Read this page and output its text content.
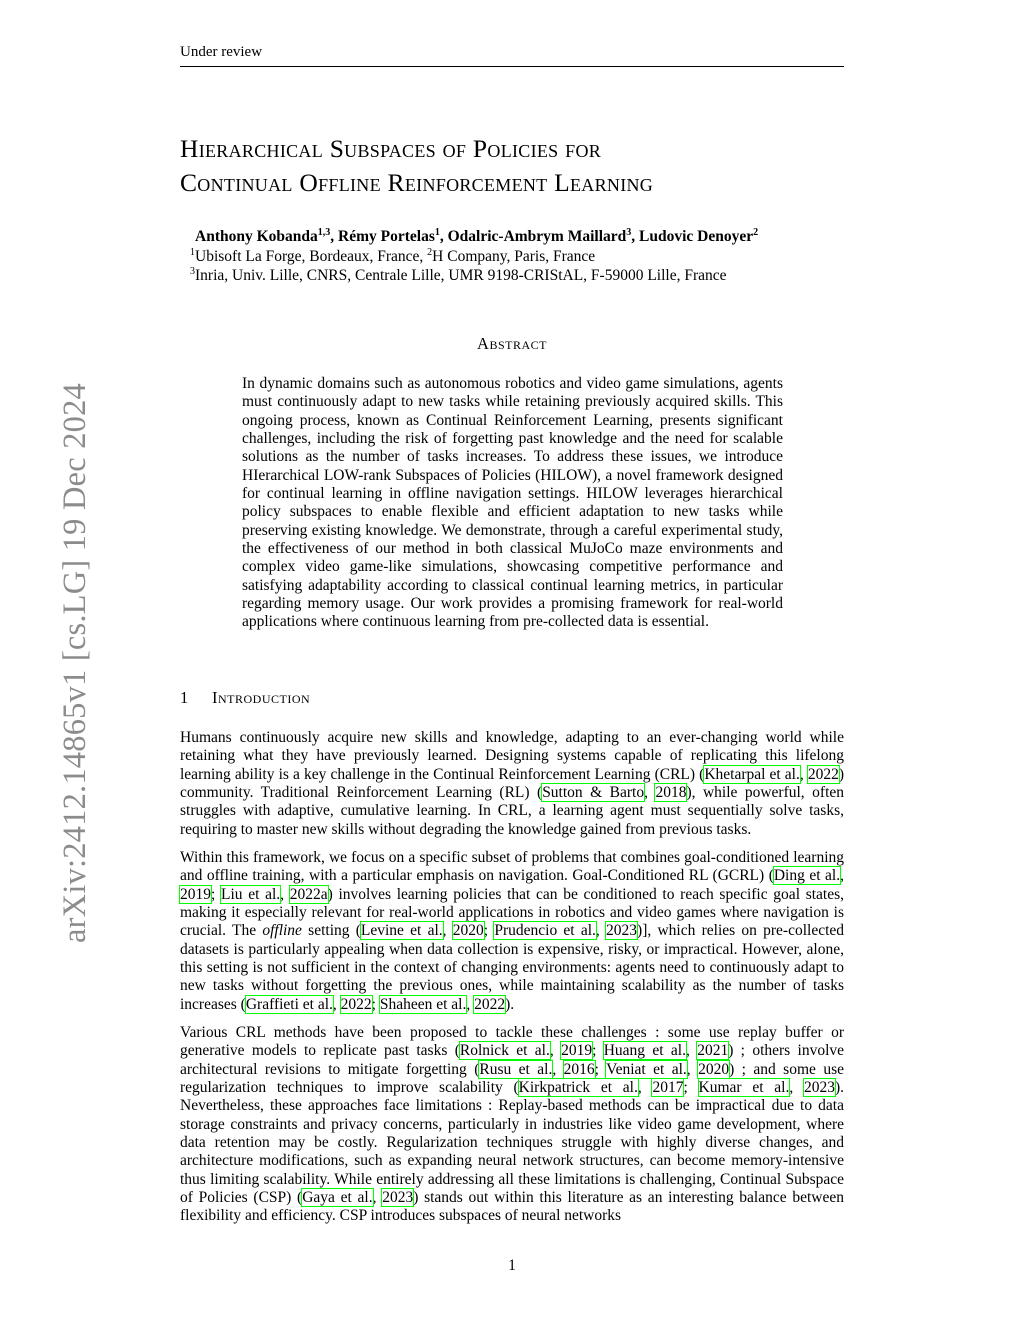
Under review
arXiv:2412.14865v1 [cs.LG] 19 Dec 2024
Hierarchical Subspaces of Policies for
Continual Offline Reinforcement Learning
Anthony Kobanda$^{1,3}$, Rémy Portelas$^1$, Odalric-Ambrym Maillard$^3$, Ludovic Denoyer$^2$
$^1$Ubisoft La Forge, Bordeaux, France, $^2$H Company, Paris, France
$^3$Inria, Univ. Lille, CNRS, Centrale Lille, UMR 9198-CRIStAL, F-59000 Lille, France
Abstract
In dynamic domains such as autonomous robotics and video game simulations, agents must continuously adapt to new tasks while retaining previously acquired skills. This ongoing process, known as Continual Reinforcement Learning, presents significant challenges, including the risk of forgetting past knowledge and the need for scalable solutions as the number of tasks increases. To address these issues, we introduce HIerarchical LOW-rank Subspaces of Policies (HILOW), a novel framework designed for continual learning in offline navigation settings. HILOW leverages hierarchical policy subspaces to enable flexible and efficient adaptation to new tasks while preserving existing knowledge. We demonstrate, through a careful experimental study, the effectiveness of our method in both classical MuJoCo maze environments and complex video game-like simulations, showcasing competitive performance and satisfying adaptability according to classical continual learning metrics, in particular regarding memory usage. Our work provides a promising framework for real-world applications where continuous learning from pre-collected data is essential.
1 Introduction
Humans continuously acquire new skills and knowledge, adapting to an ever-changing world while retaining what they have previously learned. Designing systems capable of replicating this lifelong learning ability is a key challenge in the Continual Reinforcement Learning (CRL) (Khetarpal et al., 2022) community. Traditional Reinforcement Learning (RL) (Sutton & Barto, 2018), while powerful, often struggles with adaptive, cumulative learning. In CRL, a learning agent must sequentially solve tasks, requiring to master new skills without degrading the knowledge gained from previous tasks.
Within this framework, we focus on a specific subset of problems that combines goal-conditioned learning and offline training, with a particular emphasis on navigation. Goal-Conditioned RL (GCRL) (Ding et al., 2019; Liu et al., 2022a) involves learning policies that can be conditioned to reach specific goal states, making it especially relevant for real-world applications in robotics and video games where navigation is crucial. The offline setting (Levine et al., 2020; Prudencio et al., 2023)], which relies on pre-collected datasets is particularly appealing when data collection is expensive, risky, or impractical. However, alone, this setting is not sufficient in the context of changing environments: agents need to continuously adapt to new tasks without forgetting the previous ones, while maintaining scalability as the number of tasks increases (Graffieti et al., 2022; Shaheen et al., 2022).
Various CRL methods have been proposed to tackle these challenges : some use replay buffer or generative models to replicate past tasks (Rolnick et al., 2019; Huang et al., 2021) ; others involve architectural revisions to mitigate forgetting (Rusu et al., 2016; Veniat et al., 2020) ; and some use regularization techniques to improve scalability (Kirkpatrick et al., 2017; Kumar et al., 2023). Nevertheless, these approaches face limitations : Replay-based methods can be impractical due to data storage constraints and privacy concerns, particularly in industries like video game development, where data retention may be costly. Regularization techniques struggle with highly diverse changes, and architecture modifications, such as expanding neural network structures, can become memory-intensive thus limiting scalability. While entirely addressing all these limitations is challenging, Continual Subspace of Policies (CSP) (Gaya et al., 2023) stands out within this literature as an interesting balance between flexibility and efficiency. CSP introduces subspaces of neural networks
1
